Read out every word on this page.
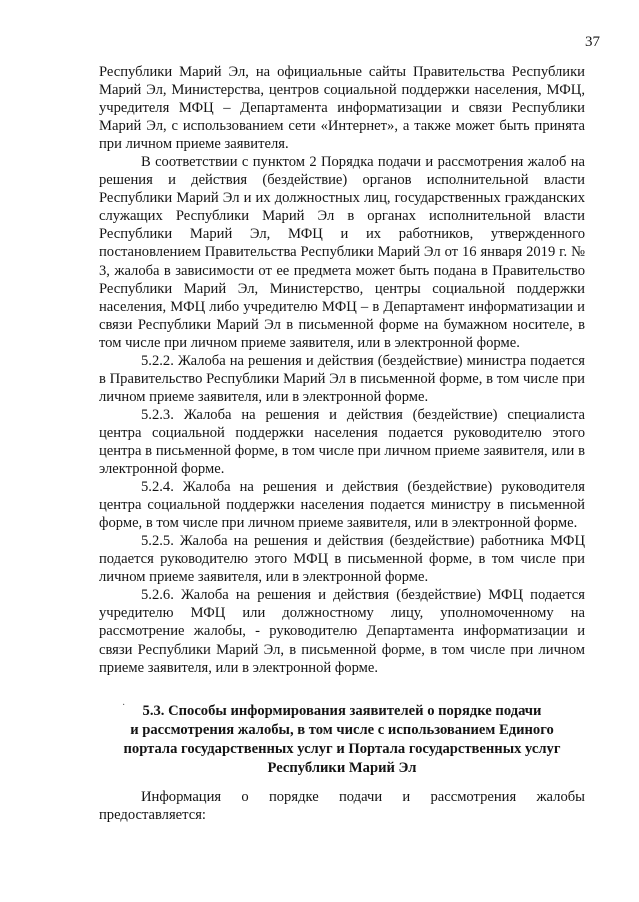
37

Республики Марий Эл, на официальные сайты Правительства Республики Марий Эл, Министерства, центров социальной поддержки населения, МФЦ, учредителя МФЦ – Департамента информатизации и связи Республики Марий Эл, с использованием сети «Интернет», а также может быть принята при личном приеме заявителя.

В соответствии с пунктом 2 Порядка подачи и рассмотрения жалоб на решения и действия (бездействие) органов исполнительной власти Республики Марий Эл и их должностных лиц, государственных гражданских служащих Республики Марий Эл в органах исполнительной власти Республики Марий Эл, МФЦ и их работников, утвержденного постановлением Правительства Республики Марий Эл от 16 января 2019 г. № 3, жалоба в зависимости от ее предмета может быть подана в Правительство Республики Марий Эл, Министерство, центры социальной поддержки населения, МФЦ либо учредителю МФЦ – в Департамент информатизации и связи Республики Марий Эл в письменной форме на бумажном носителе, в том числе при личном приеме заявителя, или в электронной форме.

5.2.2. Жалоба на решения и действия (бездействие) министра подается в Правительство Республики Марий Эл в письменной форме, в том числе при личном приеме заявителя, или в электронной форме.

5.2.3. Жалоба на решения и действия (бездействие) специалиста центра социальной поддержки населения подается руководителю этого центра в письменной форме, в том числе при личном приеме заявителя, или в электронной форме.

5.2.4. Жалоба на решения и действия (бездействие) руководителя центра социальной поддержки населения подается министру в письменной форме, в том числе при личном приеме заявителя, или в электронной форме.

5.2.5. Жалоба на решения и действия (бездействие) работника МФЦ подается руководителю этого МФЦ в письменной форме, в том числе при личном приеме заявителя, или в электронной форме.

5.2.6. Жалоба на решения и действия (бездействие) МФЦ подается учредителю МФЦ или должностному лицу, уполномоченному на рассмотрение жалобы, - руководителю Департамента информатизации и связи Республики Марий Эл, в письменной форме, в том числе при личном приеме заявителя, или в электронной форме.

·	5.3. Способы информирования заявителей о порядке подачи
и рассмотрения жалобы, в том числе с использованием Единого
портала государственных услуг и Портала государственных услуг
Республики Марий Эл
Информация о порядке подачи и рассмотрения жалобы
предоставляется:
